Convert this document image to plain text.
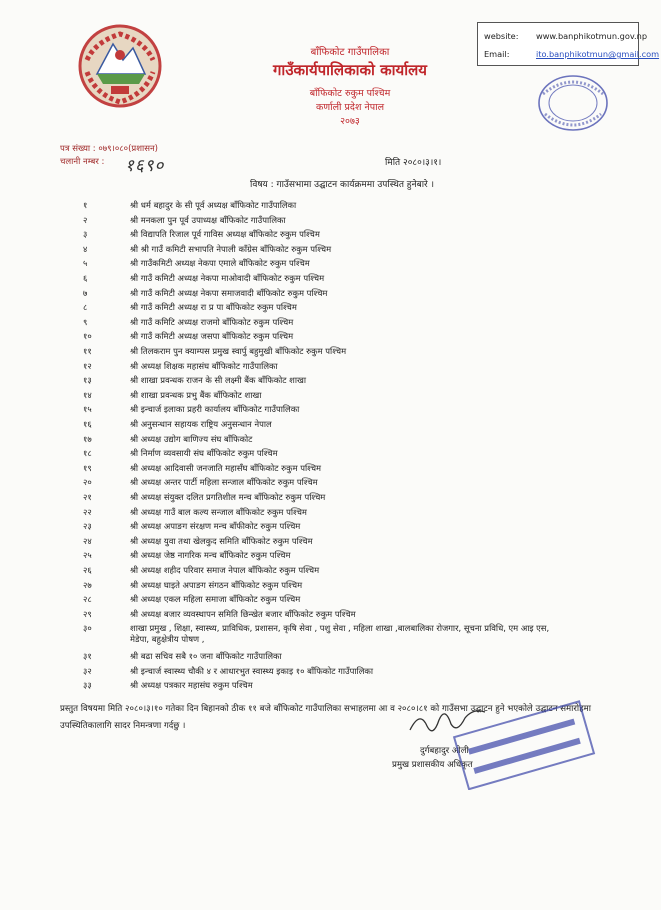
बाँफिकोट गाउँपालिका
गाउँकार्यपालिकाको कार्यालय
बाँफिकोट रुकुम पश्चिम
कर्णाली प्रदेश नेपाल
२०७३
website: www.banphikotmun.gov.np
Email:	ito.banphikotmun@gmail.com
पत्र संख्या : ०७९।०८०(प्रशासन)
चलानी नम्बर : १६९०	मिति २०८०।३।१।
विषय : गाउँसभामा उद्घाटन कार्यक्रममा उपस्थित हुनेबारे ।
१	श्री धर्म बहादुर के सी पूर्व अध्यक्ष बाँफिकोट गाउँपालिका
२	श्री मनकला पुन पूर्व उपाध्यक्ष बाँफिकोट गाउँपालिका
३	श्री विद्यापति रिजाल पूर्व गाविस अध्यक्ष बाँफिकोट रुकुम पश्चिम
४	श्री श्री गाउँ कमिटी सभापति नेपाली काँग्रेस बाँफिकोट रुकुम पश्चिम
५	श्री गाउँकमिटी अध्यक्ष नेकपा एमाले बाँफिकोट रुकुम पश्चिम
६	श्री गाउँ कमिटी अध्यक्ष नेकपा माओवादी बाँफिकोट रुकुम पश्चिम
७	श्री गाउँ कमिटी अध्यक्ष नेकपा समाजवादी बाँफिकोट रुकुम पश्चिम
८	श्री गाउँ कमिटी अध्यक्ष रा प्र पा बाँफिकोट रुकुम पश्चिम
९	श्री गाउँ कमिटि अध्यक्ष राजमो बाँफिकोट रुकुम पश्चिम
१०	श्री गाउँ कमिटी अध्यक्ष जसपा बाँफिकोट रुकुम पश्चिम
११	श्री तिलकराम पुन क्याम्पस प्रमुख स्वार्पु बहुमुखी बाँफिकोट रुकुम पश्चिम
१२	श्री अध्यक्ष शिक्षक महासंघ बाँफिकोट गाउँपालिका
१३	श्री शाखा प्रवन्धक राजन के सी लक्ष्मी बैंक बाँफिकोट शाखा
१४	श्री शाखा प्रवन्धक प्रभु बैंक बाँफिकोट शाखा
१५	श्री इन्चार्ज इलाका प्रहरी कार्यालय बाँफिकोट गाउँपालिका
१६	श्री अनुसन्धान सहायक राष्ट्रिय अनुसन्धान नेपाल
१७	श्री अध्यक्ष उद्योग बाणिज्य संघ बाँफिकोट
१८	श्री निर्माण व्यवसायी संघ बाँफिकोट रुकुम पश्चिम
१९	श्री अध्यक्ष आदिवासी जनजाति महासँघ बाँफिकोट रुकुम पश्चिम
२०	श्री अध्यक्ष अन्तर पार्टी महिला सन्जाल बाँफिकोट रुकुम पश्चिम
२१	श्री अध्यक्ष संयुक्त दलित प्रगतिशील मन्च बाँफिकोट रुकुम पश्चिम
२२	श्री अध्यक्ष गाउँ बाल कल्य सन्जाल बाँफिकोट रुकुम पश्चिम
२३	श्री अध्यक्ष अपाङग संरक्षण मन्च बाँफीकोट रुकुम पश्चिम
२४	श्री अध्यक्ष युवा तथा खेलकुद समिति बाँफिकोट रुकुम पश्चिम
२५	श्री अध्यक्ष जेष्ठ नागरिक मन्च बाँफिकोट रुकुम पश्चिम
२६	श्री अध्यक्ष शहीद परिवार समाज नेपाल बाँफिकोट रुकुम पश्चिम
२७	श्री अध्यक्ष घाइते अपाङग संगठन बाँफिकोट रुकुम पश्चिम
२८	श्री अध्यक्ष एकल महिला समाजा बाँफिकोट रुकुम पश्चिम
२९	श्री अध्यक्ष बजार व्यवस्थापन समिति छिन्खेत बजार बाँफिकोट रुकुम पश्चिम
३०	शाखा प्रमुख , शिक्षा, स्वास्थ्य, प्राविधिक, प्रशासन, कृषि सेवा , पशु सेवा , महिला शाखा ,बालबालिका रोजगार, सूचना प्रविधि, एम आइ एस, मेडेपा, बहुक्षेत्रीय पोषण ,
३१	श्री बढा सचिव सबै १० जना बाँफिकोट गाउँपालिका
३२	श्री इन्चार्ज स्वास्थ्य चौकी ४ र आधारभुत स्वास्थ्य इकाइ १० बाँफिकोट गाउँपालिका
३३	श्री अध्यक्ष पत्रकार महासंघ रुकुम पश्चिम
प्रस्तुत विषयमा मिति २०८०।३।१० गतेका दिन बिहानको ठीक ११ बजे बाँफिकोट गाउँपालिका सभाहलमा आ व २०८०।८१ को गाउँसभा उद्घाटन हुने भएकोले उद्घाटन समारोहमा उपस्थितिकालागि सादर निमन्त्रणा गर्दछु ।
दुर्गबहादुर ओली
प्रमुख प्रशासकीय अधिकृत
